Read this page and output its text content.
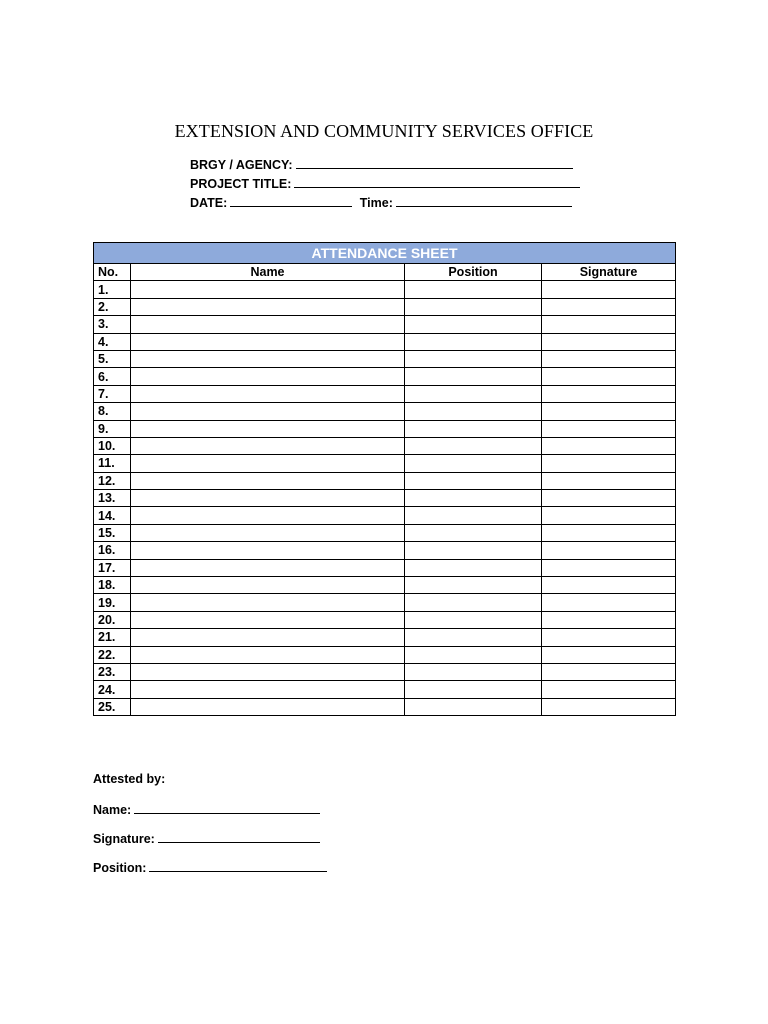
EXTENSION AND COMMUNITY SERVICES OFFICE
BRGY / AGENCY:
PROJECT TITLE:
DATE:	Time:
ATTENDANCE SHEET			
No.	Name	Position	Signature
1.			
2.			
3.			
4.			
5.			
6.			
7.			
8.			
9.			
10.			
11.			
12.			
13.			
14.			
15.			
16.			
17.			
18.			
19.			
20.			
21.			
22.			
23.			
24.			
25.			
Attested by:
Name:
Signature:
Position:
